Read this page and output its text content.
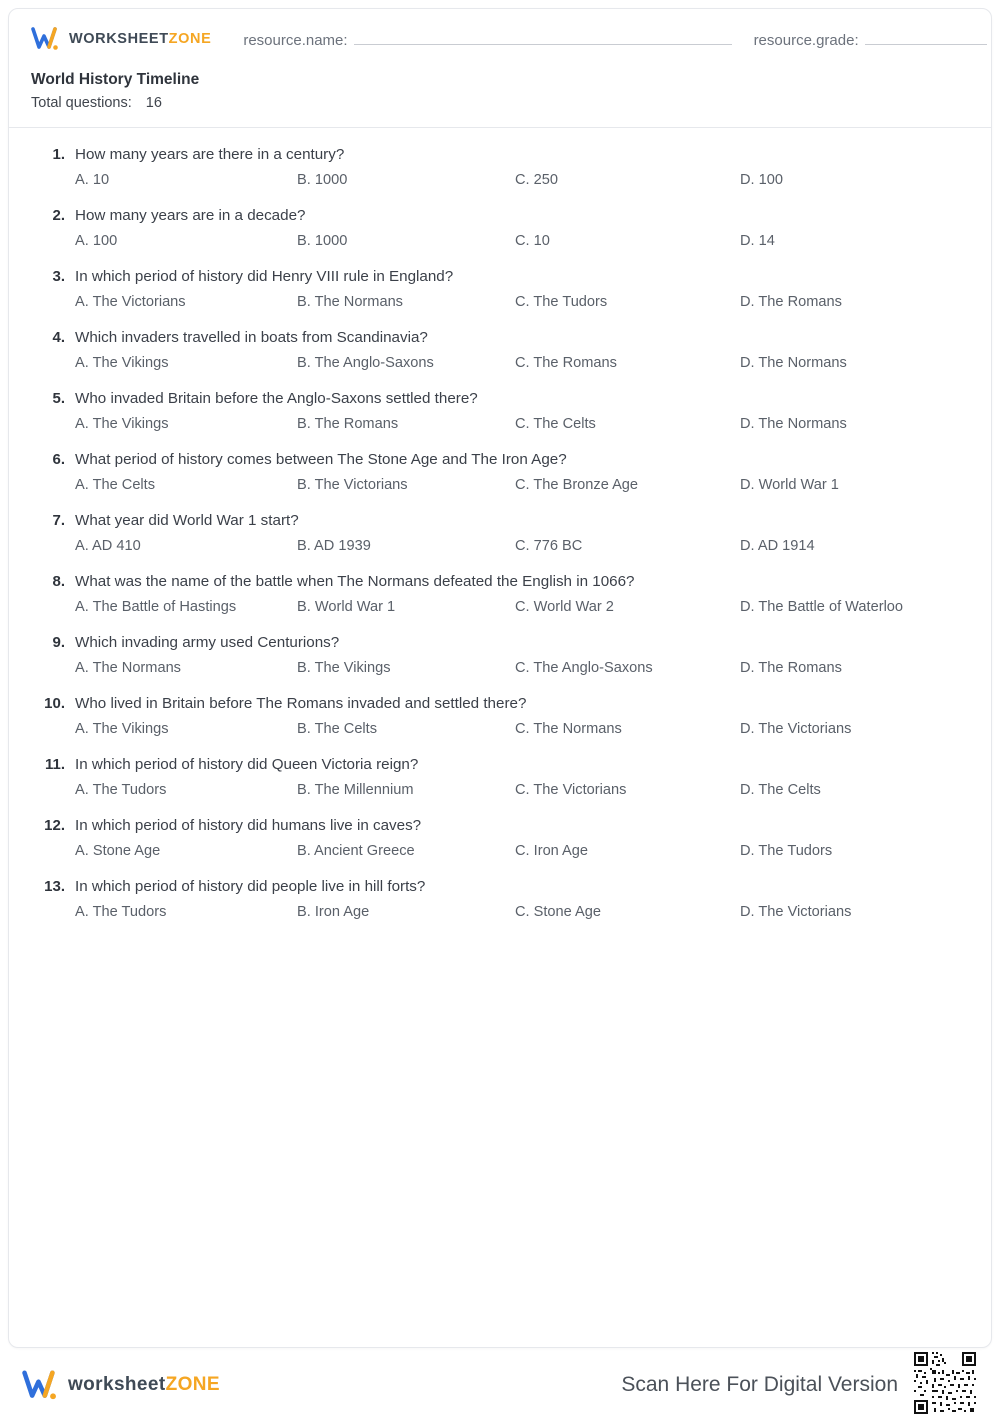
WORKSHEETZONE resource.name:	resource.grade:
World History Timeline
Total questions: 16
1. How many years are there in a century?
A. 10	B. 1000	C. 250	D. 100
2. How many years are in a decade?
A. 100	B. 1000	C. 10	D. 14
3. In which period of history did Henry VIII rule in England?
A. The Victorians	B. The Normans	C. The Tudors	D. The Romans
4. Which invaders travelled in boats from Scandinavia?
A. The Vikings	B. The Anglo-Saxons	C. The Romans	D. The Normans
5. Who invaded Britain before the Anglo-Saxons settled there?
A. The Vikings	B. The Romans	C. The Celts	D. The Normans
6. What period of history comes between The Stone Age and The Iron Age?
A. The Celts	B. The Victorians	C. The Bronze Age	D. World War 1
7. What year did World War 1 start?
A. AD 410	B. AD 1939	C. 776 BC	D. AD 1914
8. What was the name of the battle when The Normans defeated the English in 1066?
A. The Battle of Hastings	B. World War 1	C. World War 2	D. The Battle of Waterloo
9. Which invading army used Centurions?
A. The Normans	B. The Vikings	C. The Anglo-Saxons	D. The Romans
10. Who lived in Britain before The Romans invaded and settled there?
A. The Vikings	B. The Celts	C. The Normans	D. The Victorians
11. In which period of history did Queen Victoria reign?
A. The Tudors	B. The Millennium	C. The Victorians	D. The Celts
12. In which period of history did humans live in caves?
A. Stone Age	B. Ancient Greece	C. Iron Age	D. The Tudors
13. In which period of history did people live in hill forts?
A. The Tudors	B. Iron Age	C. Stone Age	D. The Victorians
worksheetZONE	Scan Here For Digital Version
